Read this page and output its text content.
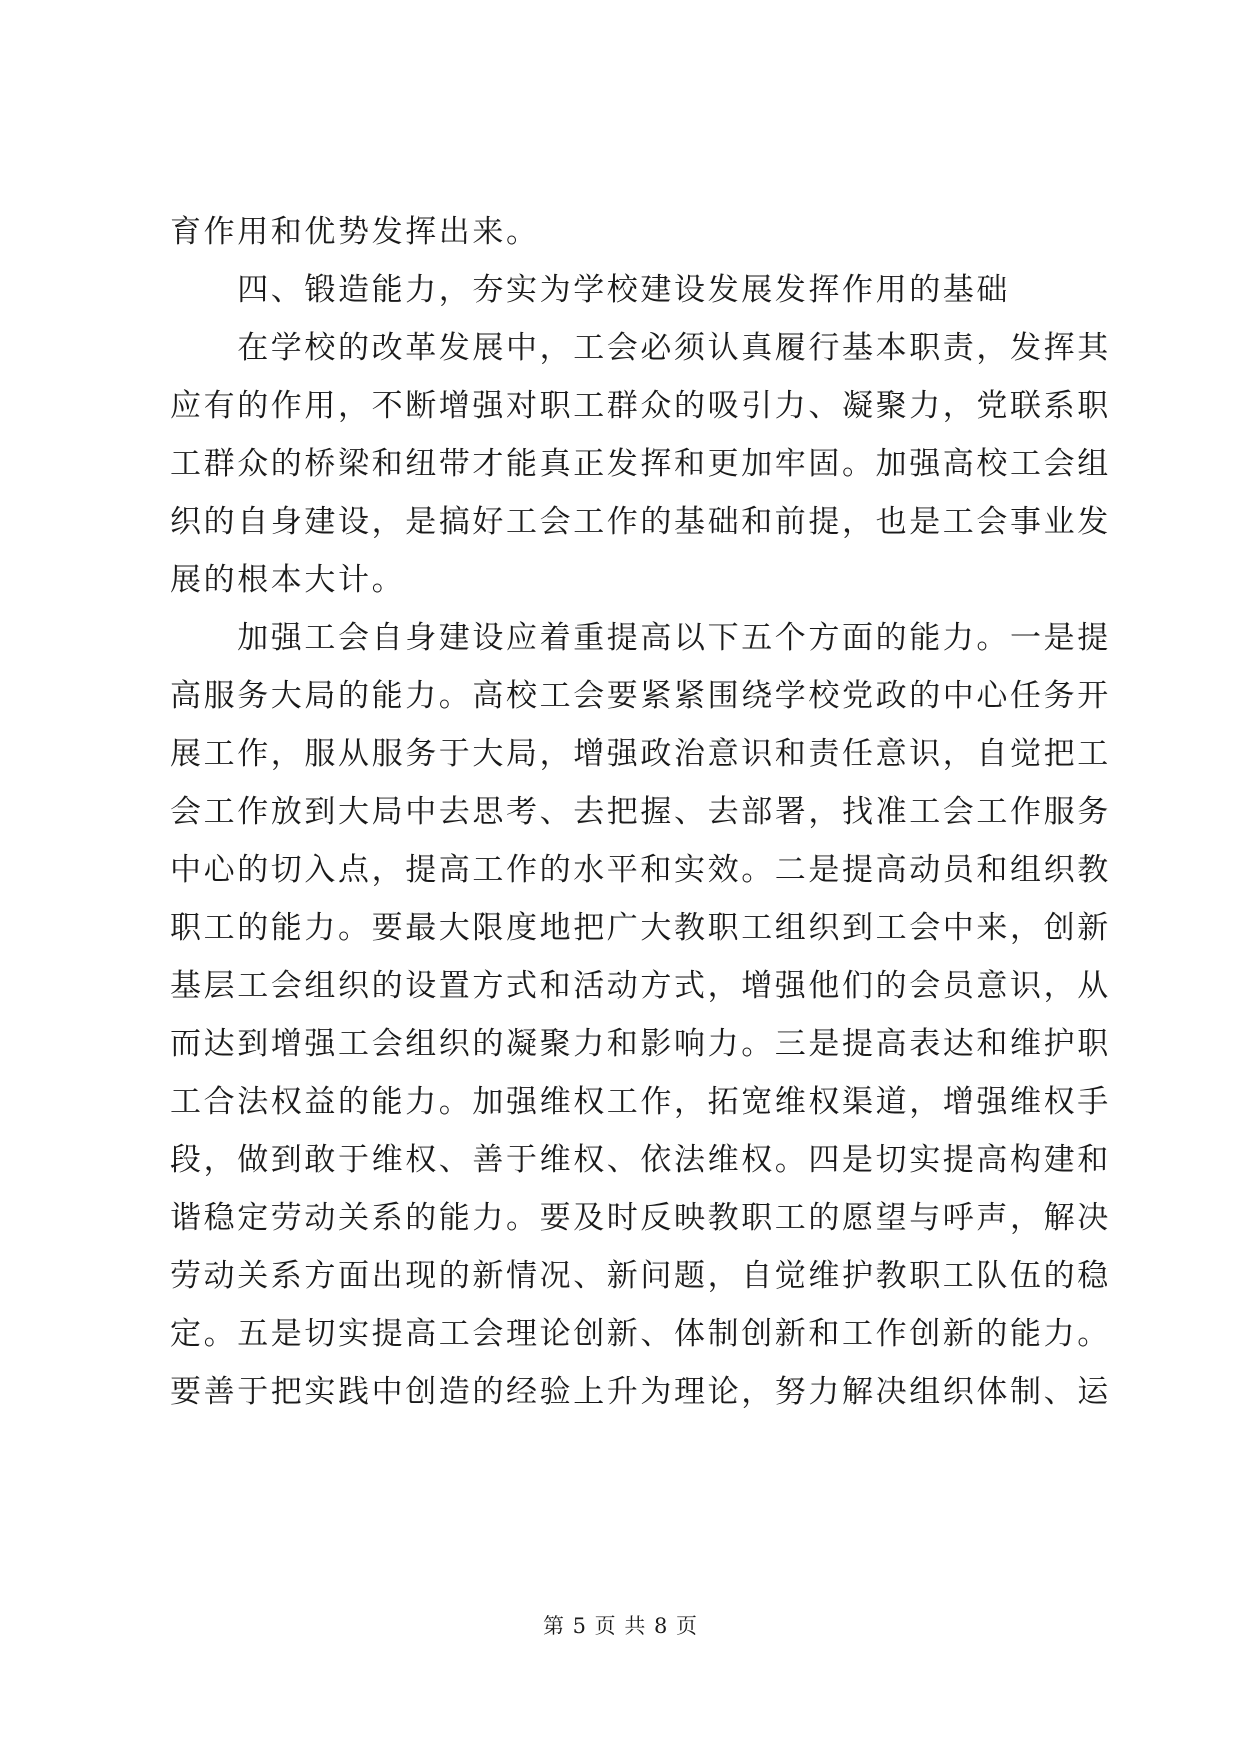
育作用和优势发挥出来。
　　四、锻造能力，夯实为学校建设发展发挥作用的基础
　　在学校的改革发展中，工会必须认真履行基本职责，发挥其
应有的作用，不断增强对职工群众的吸引力、凝聚力，党联系职
工群众的桥梁和纽带才能真正发挥和更加牢固。加强高校工会组
织的自身建设，是搞好工会工作的基础和前提，也是工会事业发
展的根本大计。
　　加强工会自身建设应着重提高以下五个方面的能力。一是提
高服务大局的能力。高校工会要紧紧围绕学校党政的中心任务开
展工作，服从服务于大局，增强政治意识和责任意识，自觉把工
会工作放到大局中去思考、去把握、去部署，找准工会工作服务
中心的切入点，提高工作的水平和实效。二是提高动员和组织教
职工的能力。要最大限度地把广大教职工组织到工会中来，创新
基层工会组织的设置方式和活动方式，增强他们的会员意识，从
而达到增强工会组织的凝聚力和影响力。三是提高表达和维护职
工合法权益的能力。加强维权工作，拓宽维权渠道，增强维权手
段，做到敢于维权、善于维权、依法维权。四是切实提高构建和
谐稳定劳动关系的能力。要及时反映教职工的愿望与呼声，解决
劳动关系方面出现的新情况、新问题，自觉维护教职工队伍的稳
定。五是切实提高工会理论创新、体制创新和工作创新的能力。
要善于把实践中创造的经验上升为理论，努力解决组织体制、运
第 5 页 共 8 页
